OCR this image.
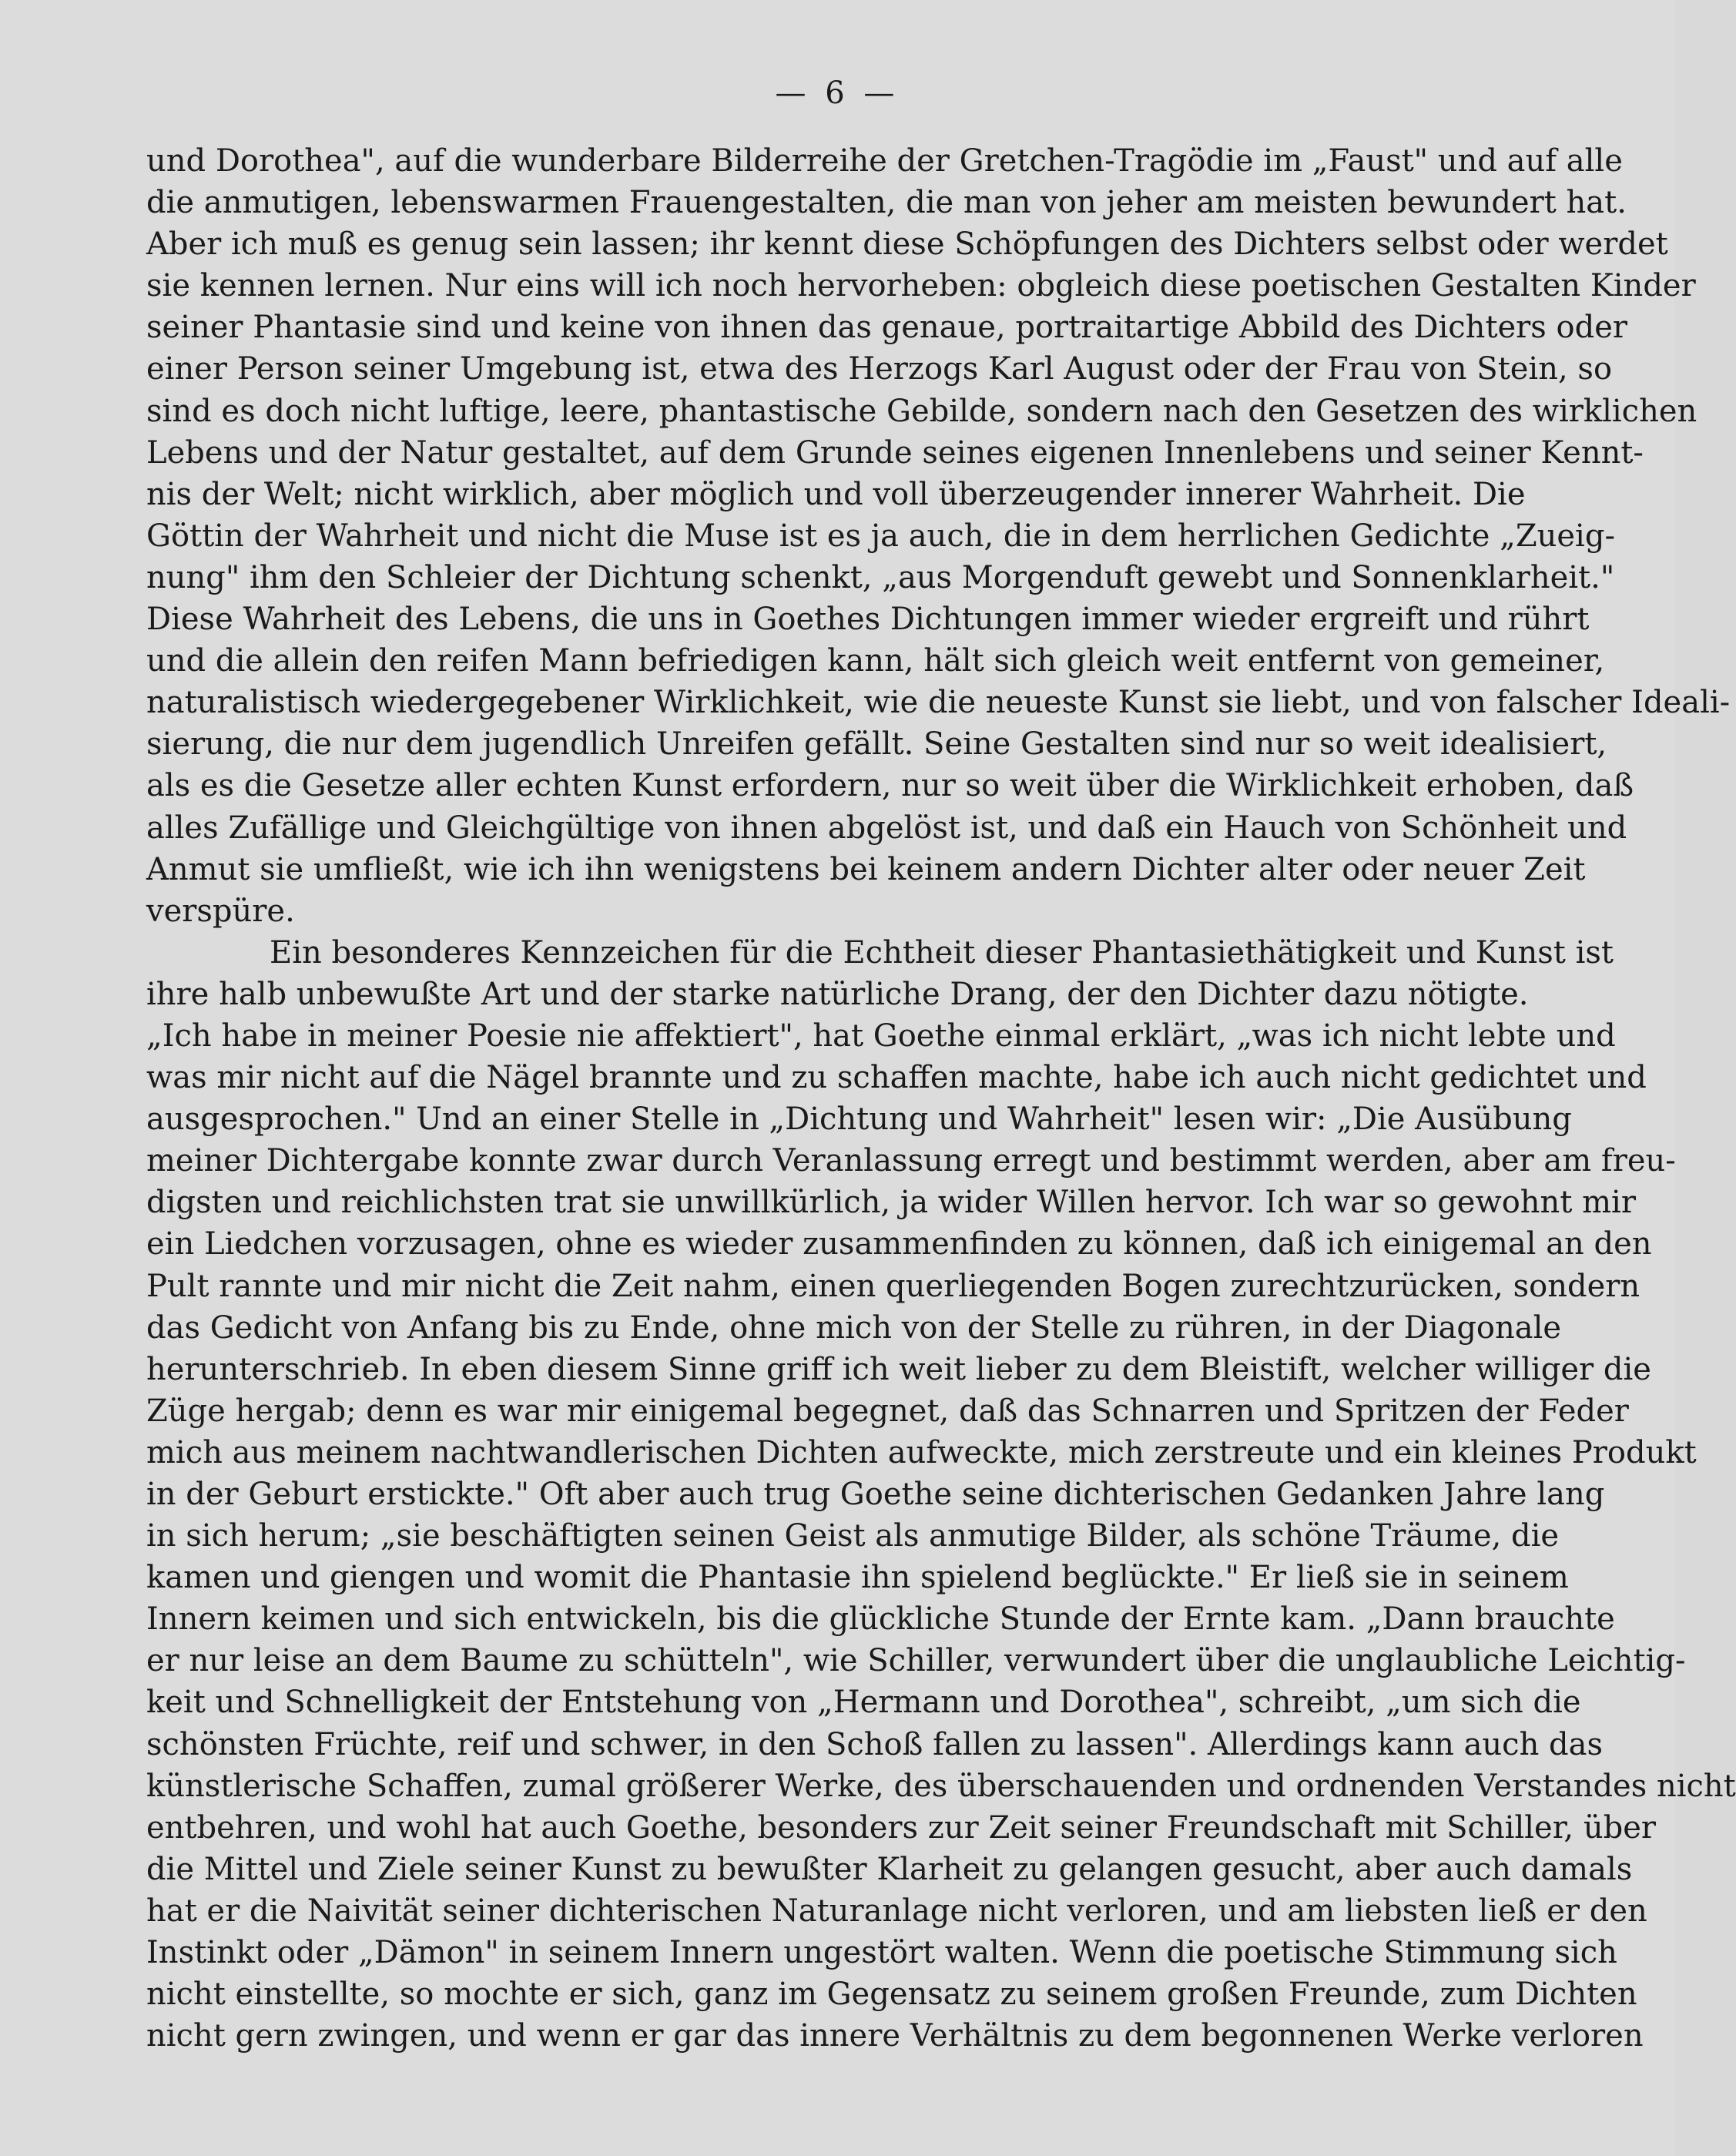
— 6 —
und Dorothea", auf die wunderbare Bilderreihe der Gretchen-Tragödie im „Faust" und auf alle
die anmutigen, lebenswarmen Frauengestalten, die man von jeher am meisten bewundert hat.
Aber ich muß es genug sein lassen; ihr kennt diese Schöpfungen des Dichters selbst oder werdet
sie kennen lernen. Nur eins will ich noch hervorheben: obgleich diese poetischen Gestalten Kinder
seiner Phantasie sind und keine von ihnen das genaue, portraitartige Abbild des Dichters oder
einer Person seiner Umgebung ist, etwa des Herzogs Karl August oder der Frau von Stein, so
sind es doch nicht luftige, leere, phantastische Gebilde, sondern nach den Gesetzen des wirklichen
Lebens und der Natur gestaltet, auf dem Grunde seines eigenen Innenlebens und seiner Kennt-
nis der Welt; nicht wirklich, aber möglich und voll überzeugender innerer Wahrheit. Die
Göttin der Wahrheit und nicht die Muse ist es ja auch, die in dem herrlichen Gedichte „Zueig-
nung" ihm den Schleier der Dichtung schenkt, „aus Morgenduft gewebt und Sonnenklarheit."
Diese Wahrheit des Lebens, die uns in Goethes Dichtungen immer wieder ergreift und rührt
und die allein den reifen Mann befriedigen kann, hält sich gleich weit entfernt von gemeiner,
naturalistisch wiedergegebener Wirklichkeit, wie die neueste Kunst sie liebt, und von falscher Ideali-
sierung, die nur dem jugendlich Unreifen gefällt. Seine Gestalten sind nur so weit idealisiert,
als es die Gesetze aller echten Kunst erfordern, nur so weit über die Wirklichkeit erhoben, daß
alles Zufällige und Gleichgültige von ihnen abgelöst ist, und daß ein Hauch von Schönheit und
Anmut sie umfließt, wie ich ihn wenigstens bei keinem andern Dichter alter oder neuer Zeit
verspüre.
Ein besonderes Kennzeichen für die Echtheit dieser Phantasiethätigkeit und Kunst ist
ihre halb unbewußte Art und der starke natürliche Drang, der den Dichter dazu nötigte.
„Ich habe in meiner Poesie nie affektiert", hat Goethe einmal erklärt, „was ich nicht lebte und
was mir nicht auf die Nägel brannte und zu schaffen machte, habe ich auch nicht gedichtet und
ausgesprochen." Und an einer Stelle in „Dichtung und Wahrheit" lesen wir: „Die Ausübung
meiner Dichtergabe konnte zwar durch Veranlassung erregt und bestimmt werden, aber am freu-
digsten und reichlichsten trat sie unwillkürlich, ja wider Willen hervor. Ich war so gewohnt mir
ein Liedchen vorzusagen, ohne es wieder zusammenfinden zu können, daß ich einigemal an den
Pult rannte und mir nicht die Zeit nahm, einen querliegenden Bogen zurechtzurücken, sondern
das Gedicht von Anfang bis zu Ende, ohne mich von der Stelle zu rühren, in der Diagonale
herunterschrieb. In eben diesem Sinne griff ich weit lieber zu dem Bleistift, welcher williger die
Züge hergab; denn es war mir einigemal begegnet, daß das Schnarren und Spritzen der Feder
mich aus meinem nachtwandlerischen Dichten aufweckte, mich zerstreute und ein kleines Produkt
in der Geburt erstickte." Oft aber auch trug Goethe seine dichterischen Gedanken Jahre lang
in sich herum; „sie beschäftigten seinen Geist als anmutige Bilder, als schöne Träume, die
kamen und giengen und womit die Phantasie ihn spielend beglückte." Er ließ sie in seinem
Innern keimen und sich entwickeln, bis die glückliche Stunde der Ernte kam. „Dann brauchte
er nur leise an dem Baume zu schütteln", wie Schiller, verwundert über die unglaubliche Leichtig-
keit und Schnelligkeit der Entstehung von „Hermann und Dorothea", schreibt, „um sich die
schönsten Früchte, reif und schwer, in den Schoß fallen zu lassen". Allerdings kann auch das
künstlerische Schaffen, zumal größerer Werke, des überschauenden und ordnenden Verstandes nicht
entbehren, und wohl hat auch Goethe, besonders zur Zeit seiner Freundschaft mit Schiller, über
die Mittel und Ziele seiner Kunst zu bewußter Klarheit zu gelangen gesucht, aber auch damals
hat er die Naivität seiner dichterischen Naturanlage nicht verloren, und am liebsten ließ er den
Instinkt oder „Dämon" in seinem Innern ungestört walten. Wenn die poetische Stimmung sich
nicht einstellte, so mochte er sich, ganz im Gegensatz zu seinem großen Freunde, zum Dichten
nicht gern zwingen, und wenn er gar das innere Verhältnis zu dem begonnenen Werke verloren
